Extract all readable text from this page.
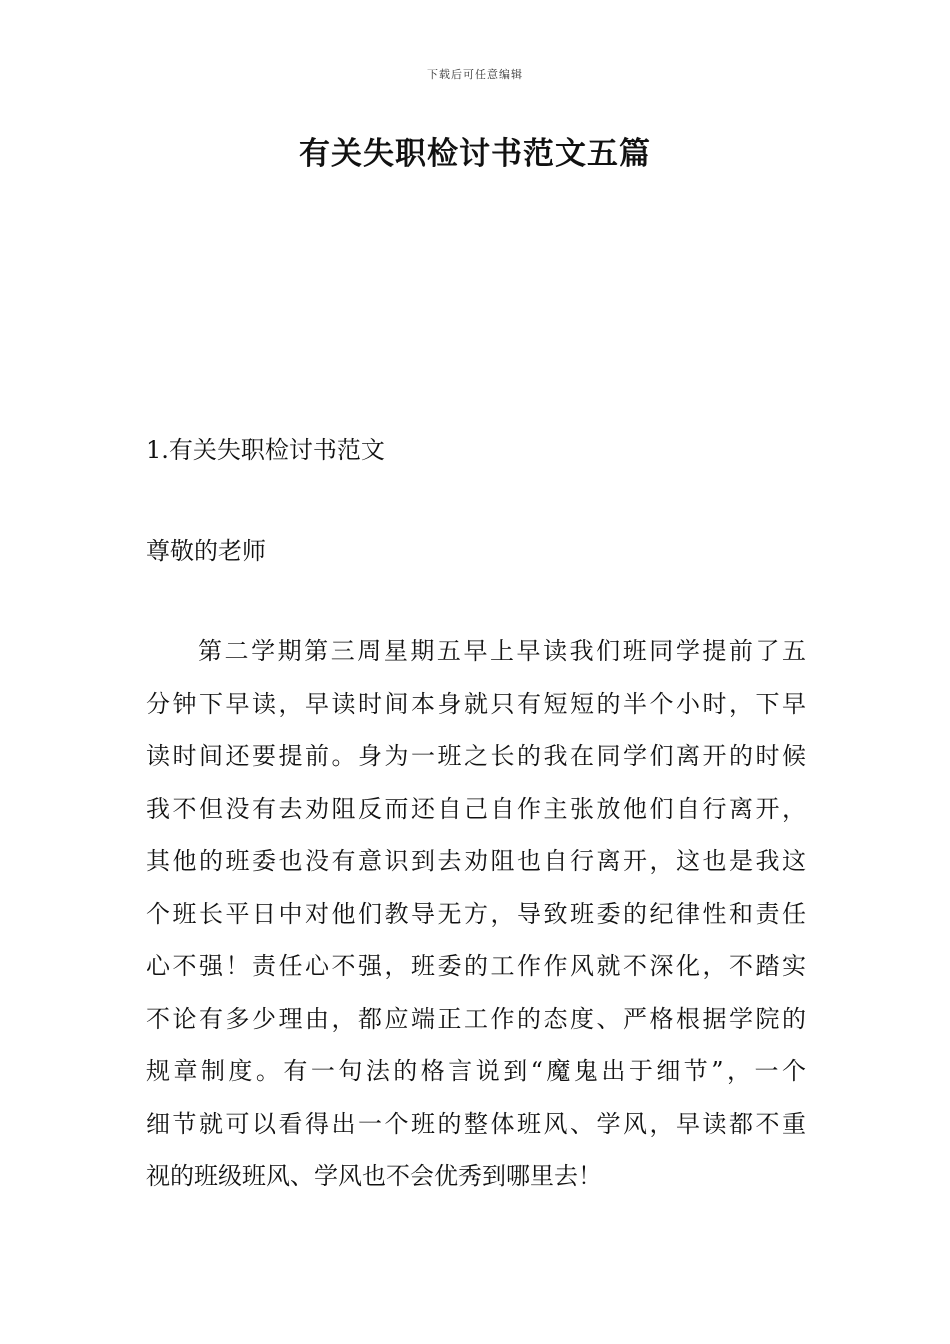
下载后可任意编辑
有关失职检讨书范文五篇
1.有关失职检讨书范文

尊敬的老师

第二学期第三周星期五早上早读我们班同学提前了五
分钟下早读，早读时间本身就只有短短的半个小时，下早
读时间还要提前。身为一班之长的我在同学们离开的时候
我不但没有去劝阻反而还自己自作主张放他们自行离开，
其他的班委也没有意识到去劝阻也自行离开，这也是我这
个班长平日中对他们教导无方，导致班委的纪律性和责任
心不强！责任心不强，班委的工作作风就不深化，不踏实
不论有多少理由，都应端正工作的态度、严格根据学院的
规章制度。有一句法的格言说到“魔鬼出于细节”，一个
细节就可以看得出一个班的整体班风、学风，早读都不重
视的班级班风、学风也不会优秀到哪里去！
